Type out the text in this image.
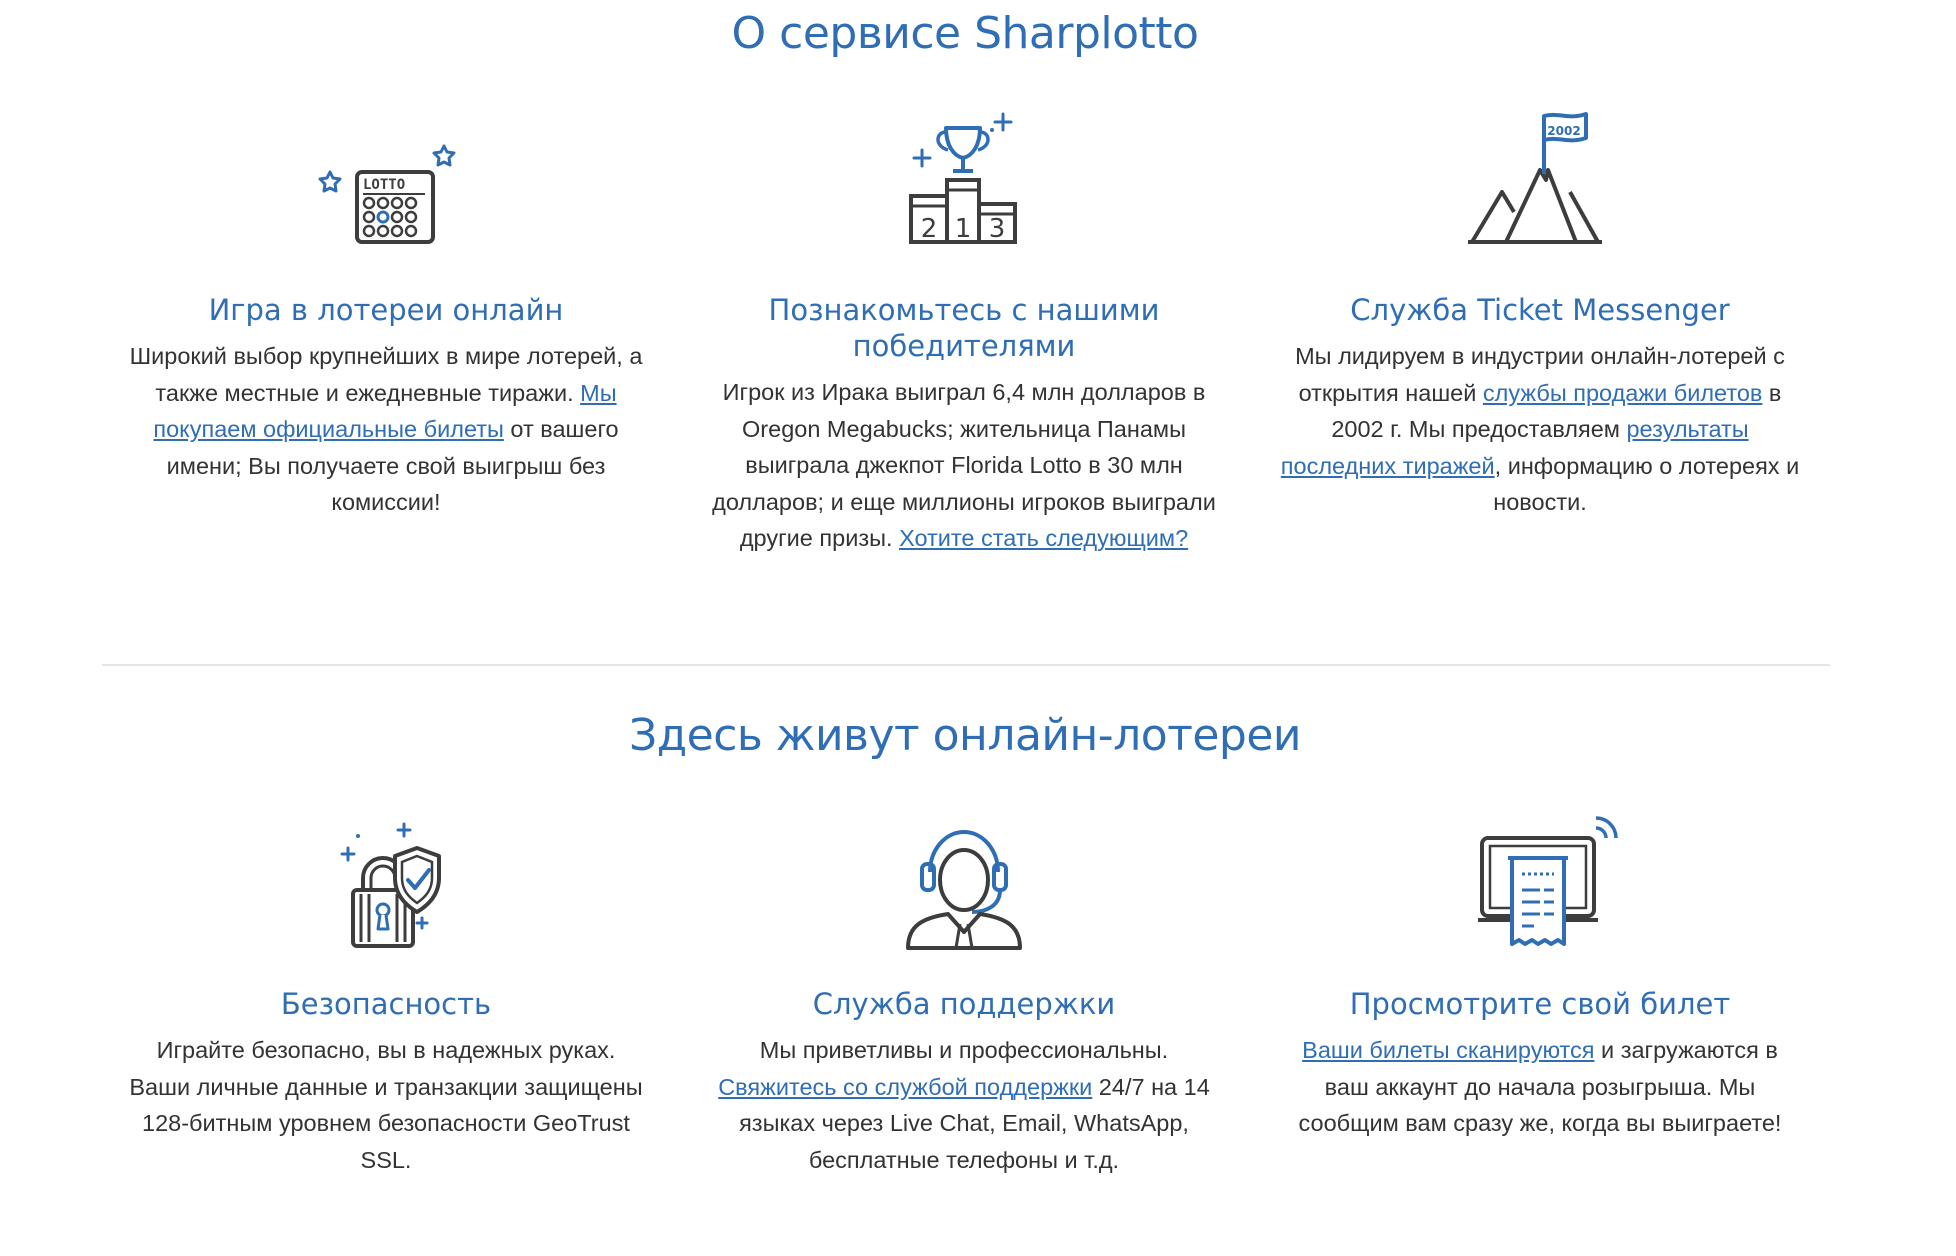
О сервисе Sharplotto
LOTTO
Игра в лотереи онлайн
Широкий выбор крупнейших в мире лотерей, а также местные и ежедневные тиражи. Мы покупаем официальные билеты от вашего имени; Вы получаете свой выигрыш без комиссии!
2 1 3
Познакомьтесь с нашими победителями
Игрок из Ирака выиграл 6,4 млн долларов в Oregon Megabucks; жительница Панамы выиграла джекпот Florida Lotto в 30 млн долларов; и еще миллионы игроков выиграли другие призы. Хотите стать следующим?
2002
Служба Ticket Messenger
Мы лидируем в индустрии онлайн-лотерей с открытия нашей службы продажи билетов в 2002 г. Мы предоставляем результаты последних тиражей, информацию о лотереях и новости.
Здесь живут онлайн-лотереи
Безопасность
Играйте безопасно, вы в надежных руках. Ваши личные данные и транзакции защищены 128-битным уровнем безопасности GeoTrust SSL.
Служба поддержки
Мы приветливы и профессиональны. Свяжитесь со службой поддержки 24/7 на 14 языках через Live Chat, Email, WhatsApp, бесплатные телефоны и т.д.
Просмотрите свой билет
Ваши билеты сканируются и загружаются в ваш аккаунт до начала розыгрыша. Мы сообщим вам сразу же, когда вы выиграете!
